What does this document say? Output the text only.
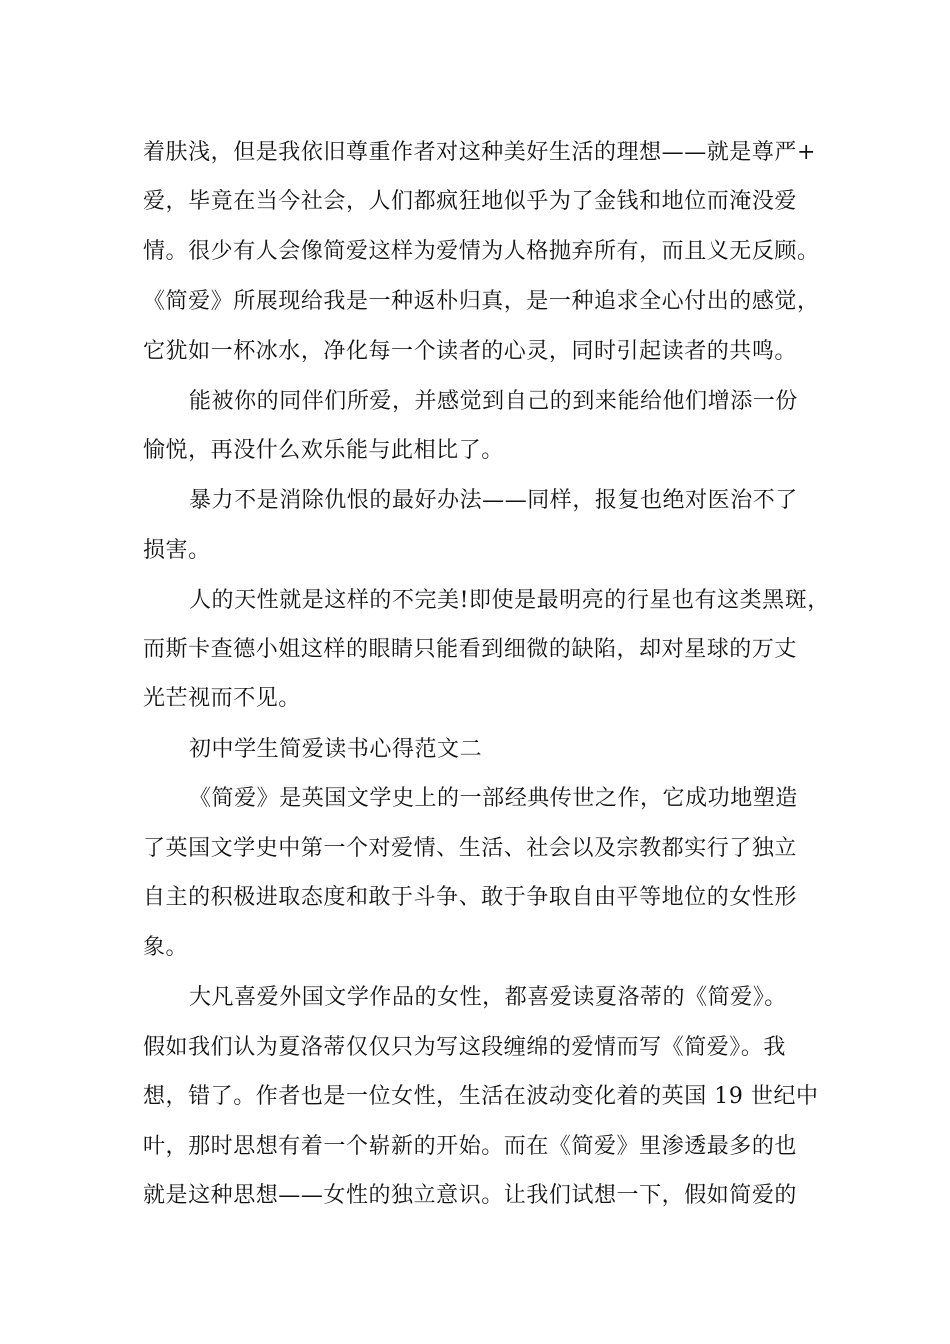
着肤浅，但是我依旧尊重作者对这种美好生活的理想——就是尊严+
爱，毕竟在当今社会，人们都疯狂地似乎为了金钱和地位而淹没爱
情。很少有人会像简爱这样为爱情为人格抛弃所有，而且义无反顾。
《简爱》所展现给我是一种返朴归真，是一种追求全心付出的感觉，
它犹如一杯冰水，净化每一个读者的心灵，同时引起读者的共鸣。
能被你的同伴们所爱，并感觉到自己的到来能给他们增添一份
愉悦，再没什么欢乐能与此相比了。
暴力不是消除仇恨的最好办法——同样，报复也绝对医治不了
损害。
人的天性就是这样的不完美!即使是最明亮的行星也有这类黑斑，
而斯卡查德小姐这样的眼睛只能看到细微的缺陷，却对星球的万丈
光芒视而不见。
初中学生简爱读书心得范文二
《简爱》是英国文学史上的一部经典传世之作，它成功地塑造
了英国文学史中第一个对爱情、生活、社会以及宗教都实行了独立
自主的积极进取态度和敢于斗争、敢于争取自由平等地位的女性形
象。
大凡喜爱外国文学作品的女性，都喜爱读夏洛蒂的《简爱》。
假如我们认为夏洛蒂仅仅只为写这段缠绵的爱情而写《简爱》。我
想，错了。作者也是一位女性，生活在波动变化着的英国 19 世纪中
叶，那时思想有着一个崭新的开始。而在《简爱》里渗透最多的也
就是这种思想——女性的独立意识。让我们试想一下，假如简爱的
